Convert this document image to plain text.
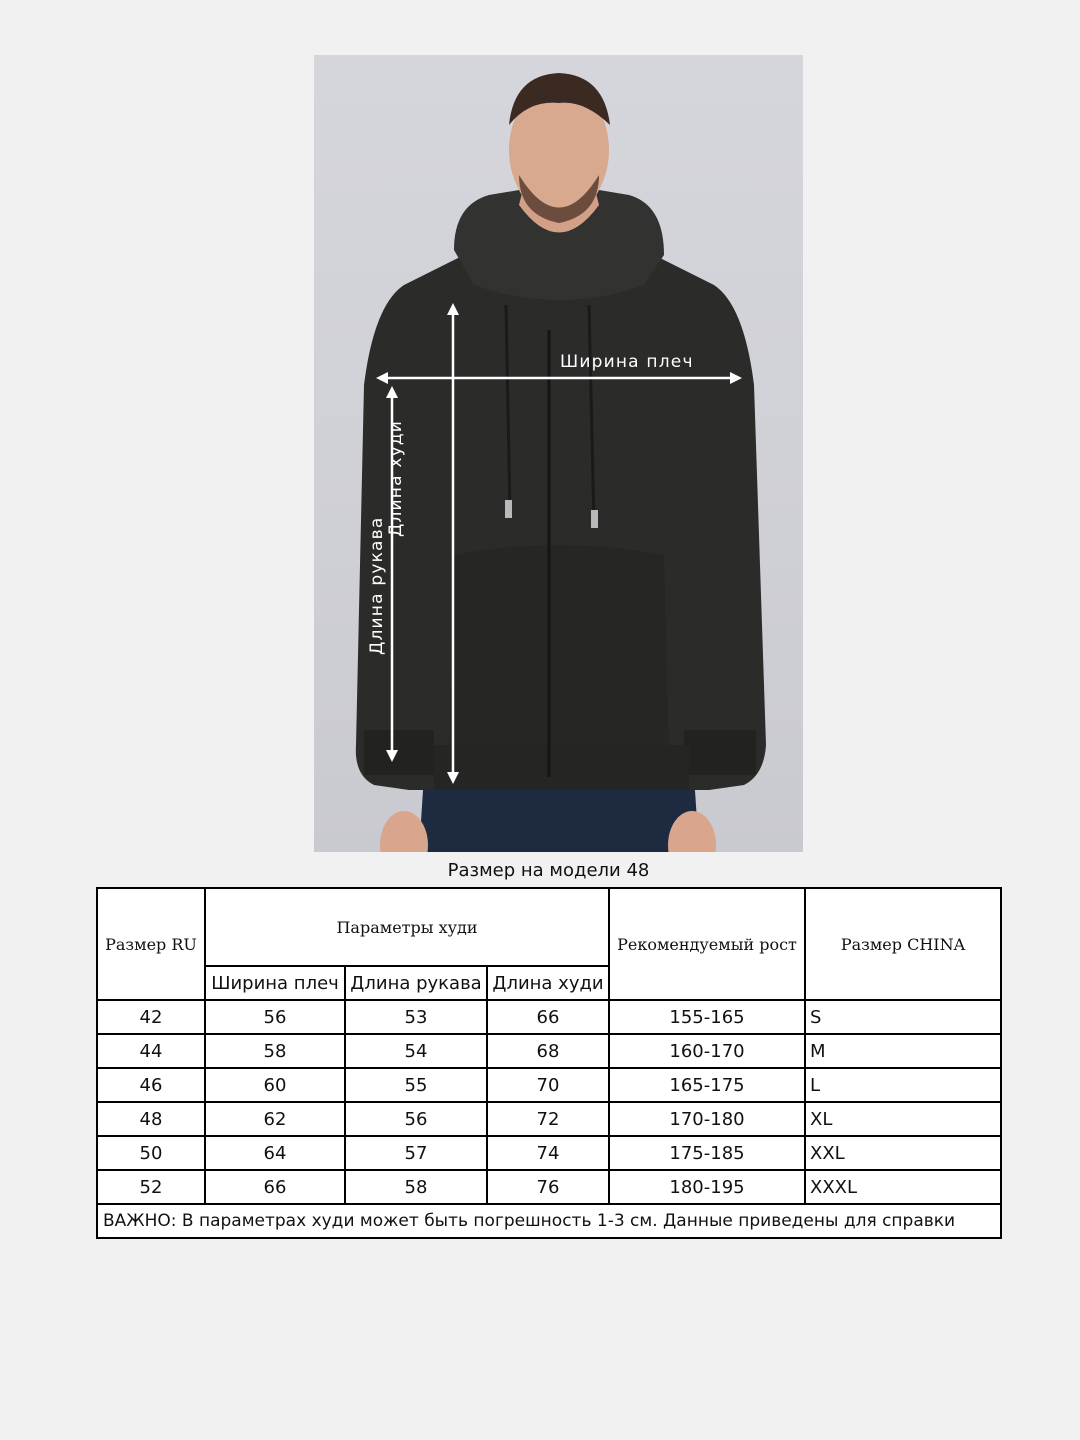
Ширина плеч
Длина худи
Длина рукава
Размер на модели 48
Размер RU	Параметры худи			Рекомендуемый рост	Размер CHINA
	Ширина плеч	Длина рукава	Длина худи		
42	56	53	66	155-165	S
44	58	54	68	160-170	M
46	60	55	70	165-175	L
48	62	56	72	170-180	XL
50	64	57	74	175-185	XXL
52	66	58	76	180-195	XXXL
ВАЖНО: В параметрах худи может быть погрешность 1-3 см. Данные приведены для справки					
